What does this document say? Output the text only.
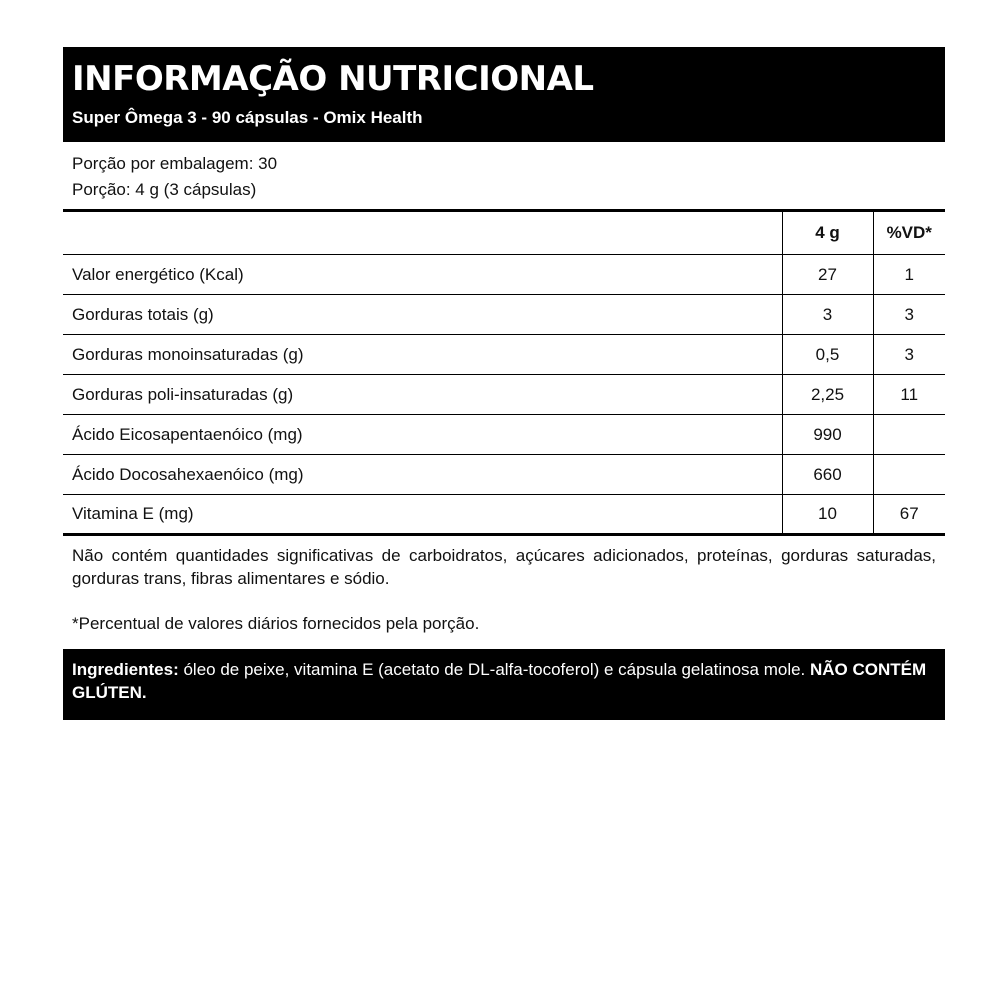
INFORMAÇÃO NUTRICIONAL
Super Ômega 3 - 90 cápsulas - Omix Health
Porção por embalagem: 30
Porção: 4 g (3 cápsulas)
	4 g	%VD*
Valor energético (Kcal)	27	1
Gorduras totais (g)	3	3
Gorduras monoinsaturadas (g)	0,5	3
Gorduras poli-insaturadas (g)	2,25	11
Ácido Eicosapentaenóico (mg)	990	
Ácido Docosahexaenóico (mg)	660	
Vitamina E (mg)	10	67
Não contém quantidades significativas de carboidratos, açúcares adicionados, proteínas, gorduras saturadas, gorduras trans, fibras alimentares e sódio.
*Percentual de valores diários fornecidos pela porção.
Ingredientes: óleo de peixe, vitamina E (acetato de DL-alfa-tocoferol) e cápsula gelatinosa mole. NÃO CONTÉM GLÚTEN.
